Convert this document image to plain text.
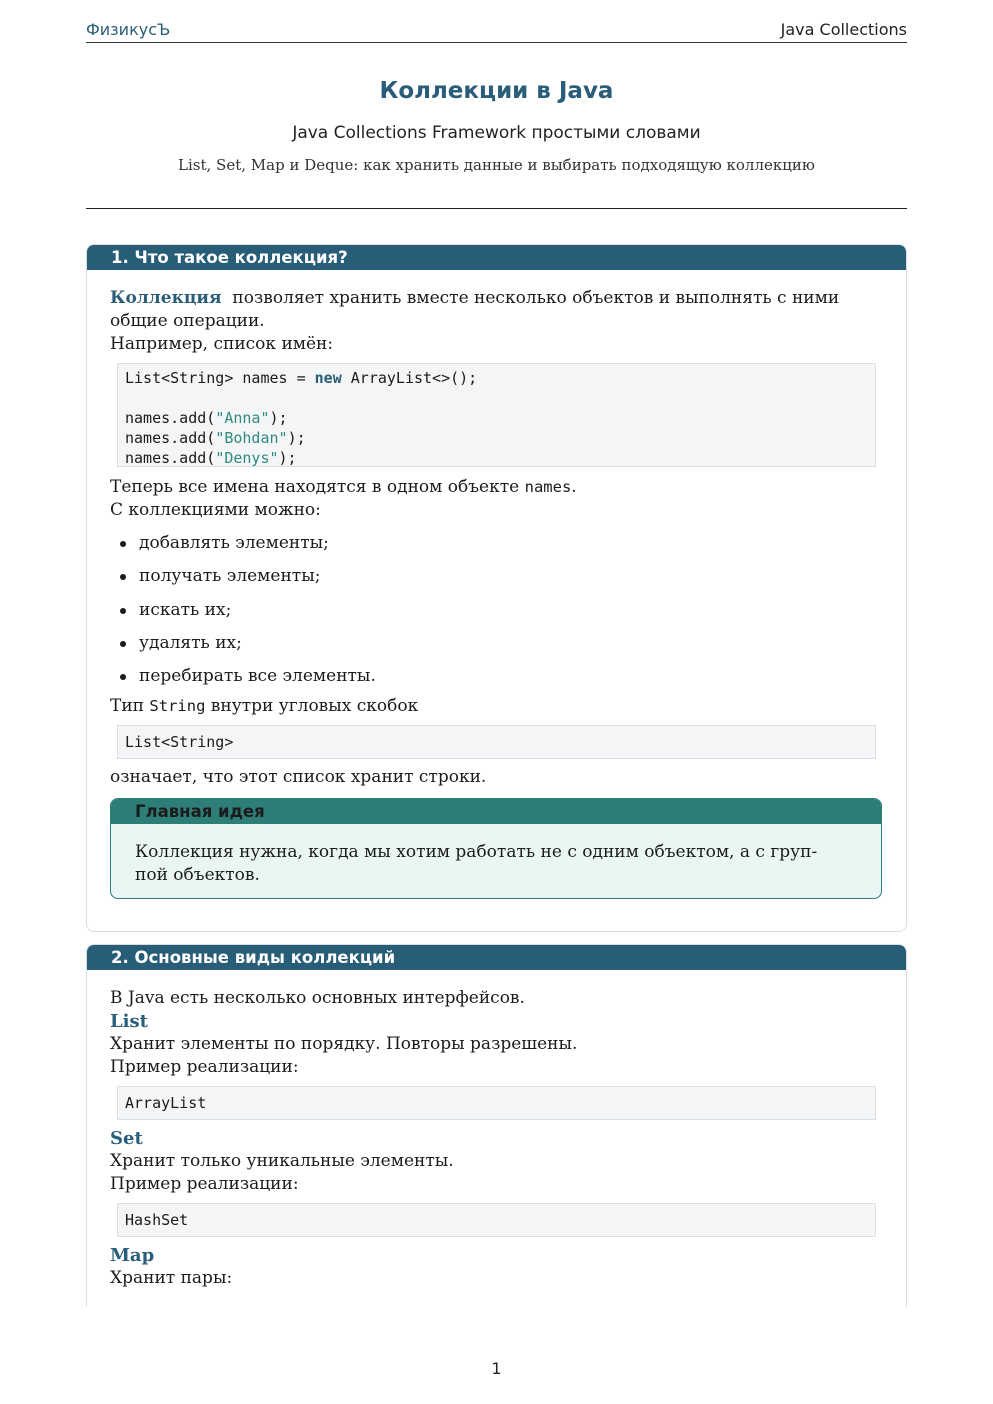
ФизикусЪ	Java Collections
Коллекции в Java
Java Collections Framework простыми словами
List, Set, Map и Deque: как хранить данные и выбирать подходящую коллекцию
1. Что такое коллекция?

Коллекция позволяет хранить вместе несколько объектов и выполнять с ними общие операции.

Например, список имён:

List<String> names = new ArrayList<>();names.add("Anna");
names.add("Bohdan");
names.add("Denys");

Теперь все имена находятся в одном объекте names.

С коллекциями можно:

добавлять элементы;
получать элементы;
искать их;
удалять их;
перебирать все элементы.

Тип String внутри угловых скобок

List<String>

означает, что этот список хранит строки.

Главная идея
Коллекция нужна, когда мы хотим работать не с одним объектом, а с груп-
пой объектов.
2. Основные виды коллекций

В Java есть несколько основных интерфейсов.

List

Хранит элементы по порядку. Повторы разрешены.

Пример реализации:

ArrayList

Set

Хранит только уникальные элементы.

Пример реализации:

HashSet

Map

Хранит пары:

1
